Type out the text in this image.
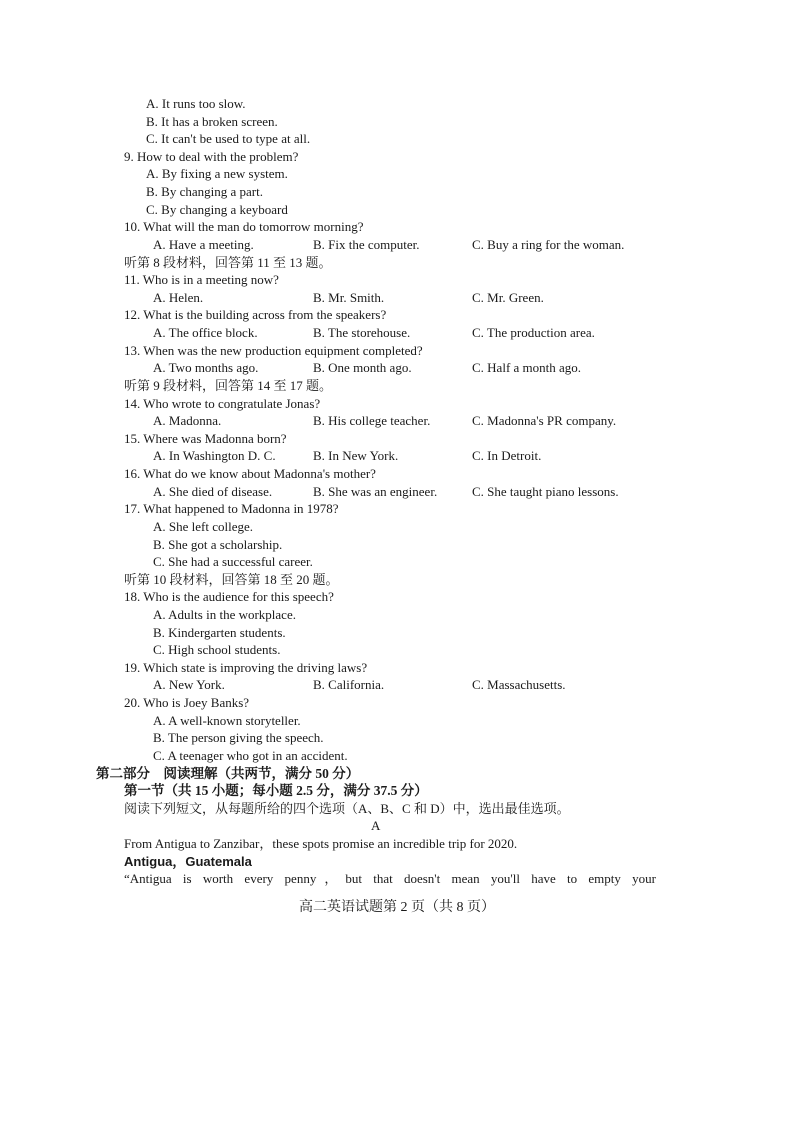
A. It runs too slow.
B. It has a broken screen.
C. It can't be used to type at all.
9. How to deal with the problem?
A. By fixing a new system.
B. By changing a part.
C. By changing a keyboard
10. What will the man do tomorrow morning?
A. Have a meeting.	B. Fix the computer.	C. Buy a ring for the woman.
听第 8 段材料，回答第 11 至 13 题。
11. Who is in a meeting now?
A. Helen.	B. Mr. Smith.	C. Mr. Green.
12. What is the building across from the speakers?
A. The office block.	B. The storehouse.	C. The production area.
13. When was the new production equipment completed?
A. Two months ago.	B. One month ago.	C. Half a month ago.
听第 9 段材料，回答第 14 至 17 题。
14. Who wrote to congratulate Jonas?
A. Madonna.	B. His college teacher.	C. Madonna's PR company.
15. Where was Madonna born?
A. In Washington D. C.	B. In New York.	C. In Detroit.
16. What do we know about Madonna's mother?
A. She died of disease.	B. She was an engineer.	C. She taught piano lessons.
17. What happened to Madonna in 1978?
A. She left college.
B. She got a scholarship.
C. She had a successful career.
听第 10 段材料，回答第 18 至 20 题。
18. Who is the audience for this speech?
A. Adults in the workplace.
B. Kindergarten students.
C. High school students.
19. Which state is improving the driving laws?
A. New York.	B. California.	C. Massachusetts.
20. Who is Joey Banks?
A. A well-known storyteller.
B. The person giving the speech.
C. A teenager who got in an accident.
第二部分　阅读理解（共两节，满分 50 分）
第一节（共 15 小题；每小题 2.5 分，满分 37.5 分）
阅读下列短文，从每题所给的四个选项（A、B、C 和 D）中，选出最佳选项。
A
From Antigua to Zanzibar，these spots promise an incredible trip for 2020.
Antigua，Guatemala
“Antigua is worth every penny，but that doesn't mean you'll have to empty your
高二英语试题第 2 页（共 8 页）
